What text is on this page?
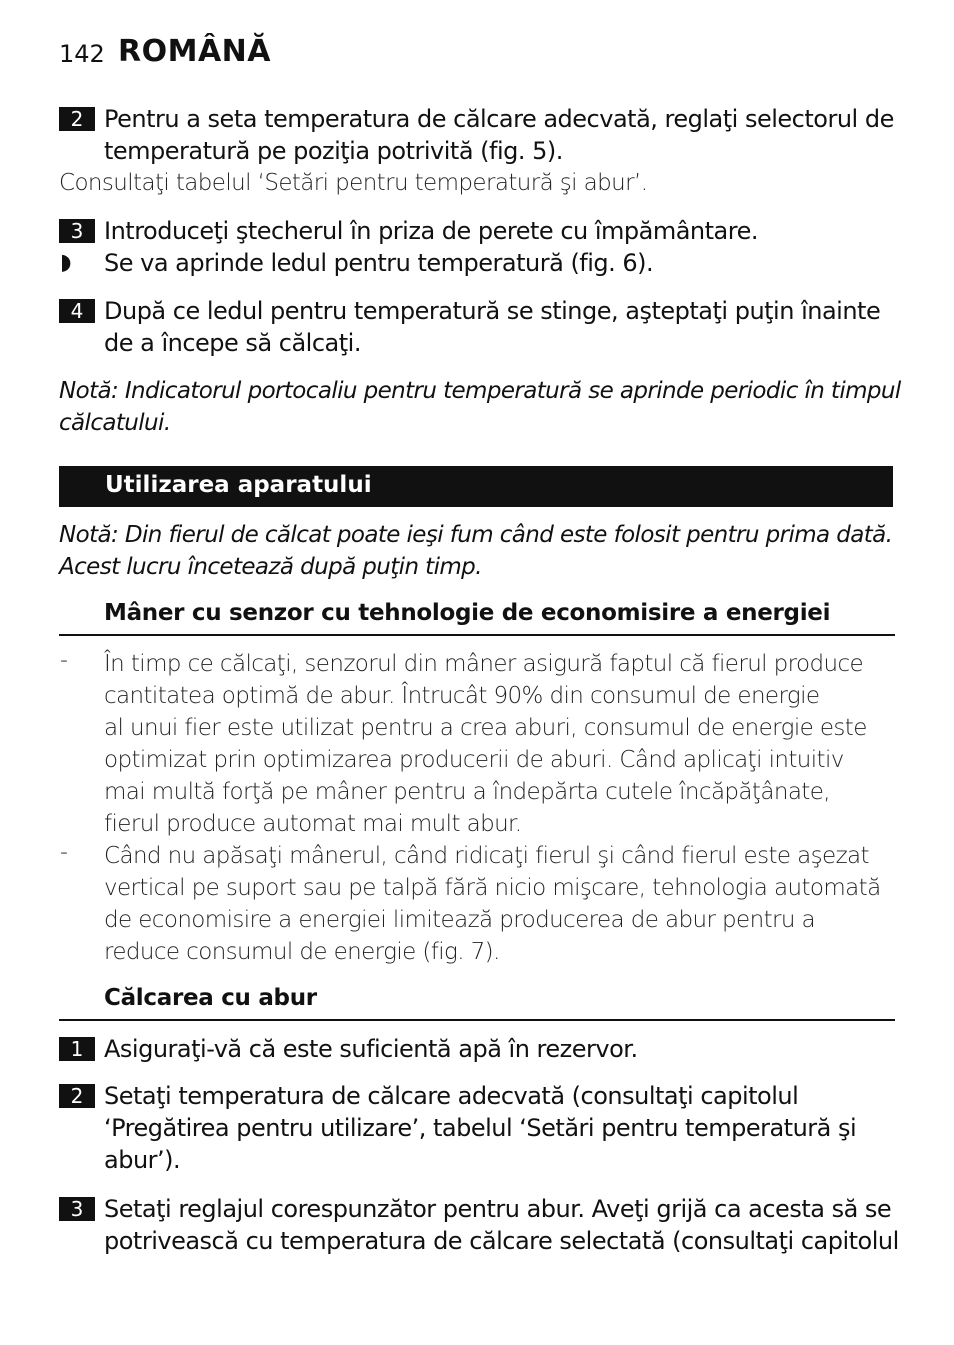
142 ROMÂNĂ
2 Pentru a seta temperatura de călcare adecvată, reglaţi selectorul de
temperatură pe poziţia potrivită (fig. 5).

Consultaţi tabelul ‘Setări pentru temperatură şi abur’.

3 Introduceţi ştecherul în priza de perete cu împământare.
◗ Se va aprinde ledul pentru temperatură (fig. 6).
4 După ce ledul pentru temperatură se stinge, aşteptaţi puţin înainte
de a începe să călcaţi.
Notă: Indicatorul portocaliu pentru temperatură se aprinde periodic în timpul
călcatului.
Utilizarea aparatului
Notă: Din fierul de călcat poate ieşi fum când este folosit pentru prima dată.
Acest lucru încetează după puţin timp.
Mâner cu senzor cu tehnologie de economisire a energiei
- În timp ce călcaţi, senzorul din mâner asigură faptul că fierul produce
cantitatea optimă de abur. Întrucât 90% din consumul de energie
al unui fier este utilizat pentru a crea aburi, consumul de energie este
optimizat prin optimizarea producerii de aburi. Când aplicaţi intuitiv
mai multă forţă pe mâner pentru a îndepărta cutele încăpăţânate,
fierul produce automat mai mult abur.
- Când nu apăsaţi mânerul, când ridicaţi fierul şi când fierul este aşezat
vertical pe suport sau pe talpă fără nicio mişcare, tehnologia automată
de economisire a energiei limitează producerea de abur pentru a
reduce consumul de energie (fig. 7).
Călcarea cu abur
1 Asiguraţi-vă că este suficientă apă în rezervor.
2 Setaţi temperatura de călcare adecvată (consultaţi capitolul
‘Pregătirea pentru utilizare’, tabelul ‘Setări pentru temperatură şi
abur’).
3 Setaţi reglajul corespunzător pentru abur. Aveţi grijă ca acesta să se
potrivească cu temperatura de călcare selectată (consultaţi capitolul
